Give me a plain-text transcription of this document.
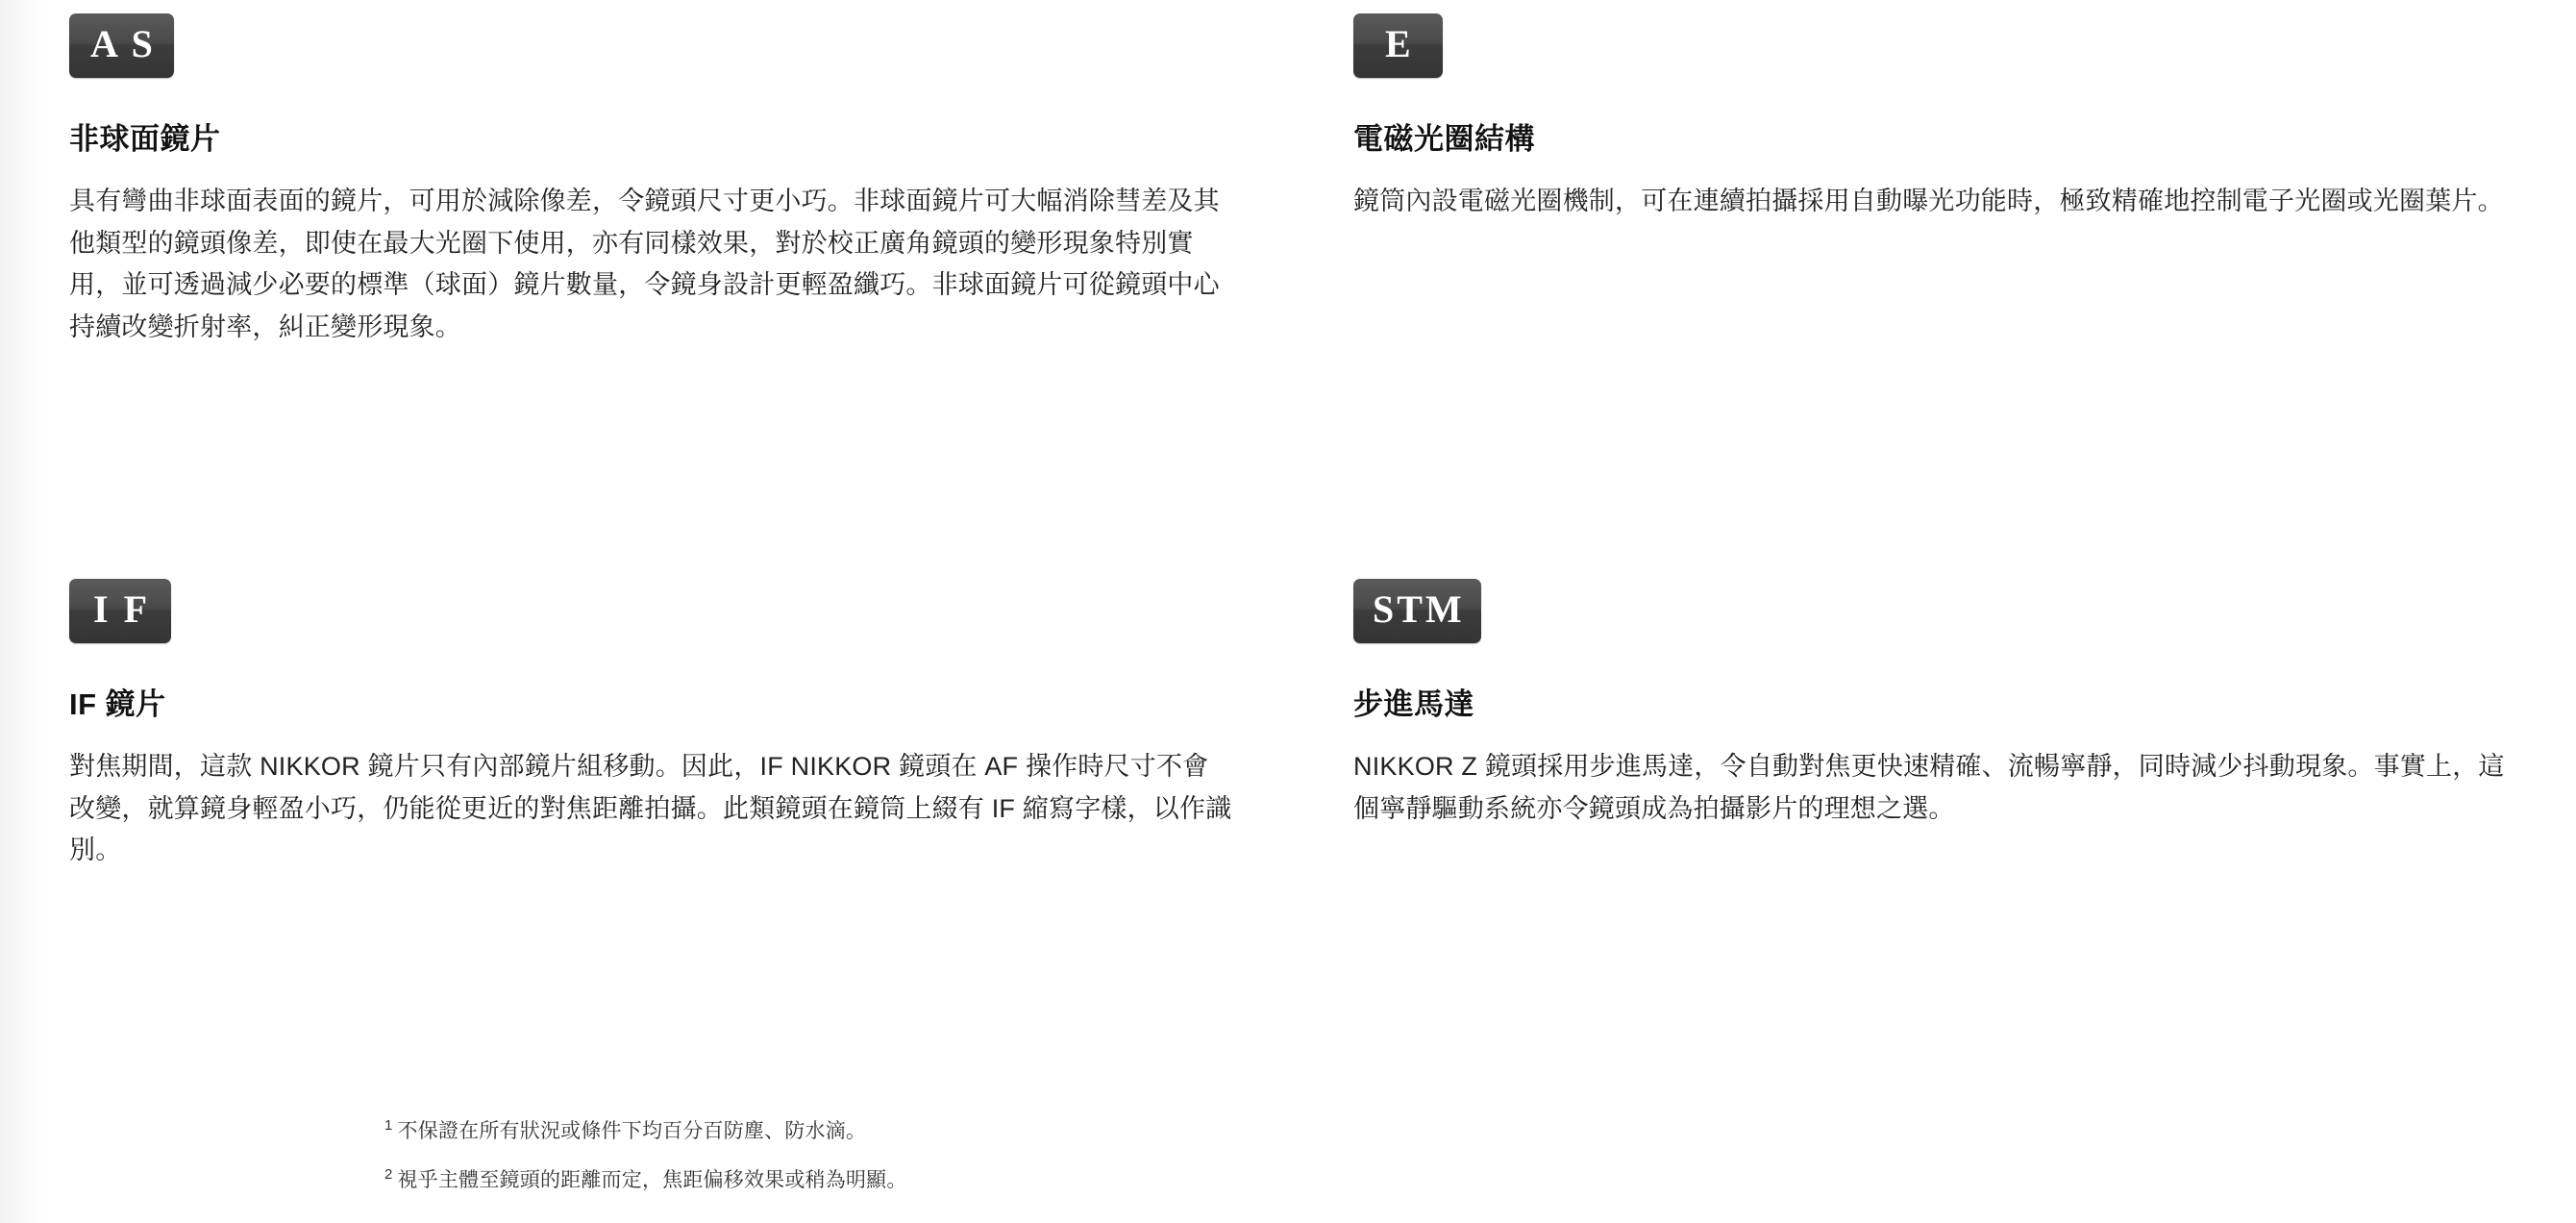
A S
非球面鏡片

具有彎曲非球面表面的鏡片，可用於減除像差，令鏡頭尺寸更小巧。非球面鏡片可大幅消除彗差及其他類型的鏡頭像差，即使在最大光圈下使用，亦有同樣效果，對於校正廣角鏡頭的變形現象特別實用，並可透過減少必要的標準（球面）鏡片數量，令鏡身設計更輕盈纖巧。非球面鏡片可從鏡頭中心持續改變折射率，糾正變形現象。

E
電磁光圈結構

鏡筒內設電磁光圈機制，可在連續拍攝採用自動曝光功能時，極致精確地控制電子光圈或光圈葉片。

I F
IF 鏡片

對焦期間，這款 NIKKOR 鏡片只有內部鏡片組移動。因此，IF NIKKOR 鏡頭在 AF 操作時尺寸不會改變，就算鏡身輕盈小巧，仍能從更近的對焦距離拍攝。此類鏡頭在鏡筒上綴有 IF 縮寫字樣，以作識別。

STM
步進馬達

NIKKOR Z 鏡頭採用步進馬達，令自動對焦更快速精確、流暢寧靜，同時減少抖動現象。事實上，這個寧靜驅動系統亦令鏡頭成為拍攝影片的理想之選。

$^1$ 不保證在所有狀況或條件下均百分百防塵、防水滴。
$^2$ 視乎主體至鏡頭的距離而定，焦距偏移效果或稍為明顯。
